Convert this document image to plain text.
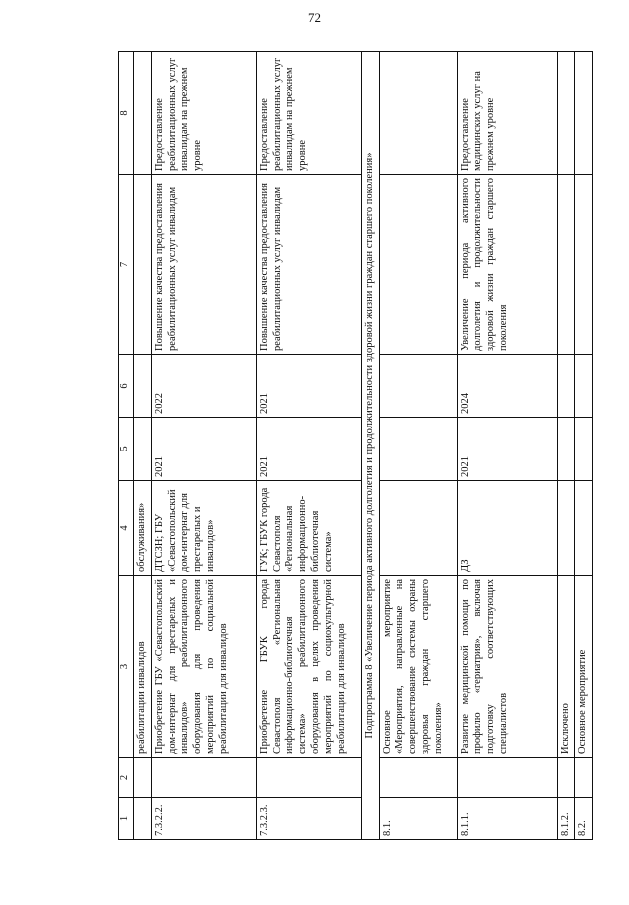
72
1	2	3	4	5	6	7	8
		реабилитации инвалидов	обслуживания»				
7.3.2.2.		Приобретение ГБУ «Севастопольский дом-интернат для престарелых и инвалидов» реабилитационного оборудования для проведения мероприятий по социальной реабилитации для инвалидов	ДТСЗН; ГБУ «Севастопольский дом-интернат для престарелых и инвалидов»	2021	2022	Повышение качества предоставления реабилитационных услуг инвалидам	Предоставление реабилитационных услуг инвалидам на прежнем уровне
7.3.2.3.		Приобретение ГБУК города Севастополя «Региональная информационно-библиотечная система» реабилитационного оборудования в целях проведения мероприятий по социокультурной реабилитации для инвалидов	ГУК; ГБУК города Севастополя «Региональная информационно-библиотечная система»	2021	2021	Повышение качества предоставления реабилитационных услуг инвалидам	Предоставление реабилитационных услуг инвалидам на прежнем уровне
Подпрограмма 8 «Увеличение периода активного долголетия и продолжительности здоровой жизни граждан старшего поколения»							
8.1.		Основное мероприятие «Мероприятия, направленные на совершенствование системы охраны здоровья граждан старшего поколения»					
8.1.1.		Развитие медицинской помощи по профилю «гериатрия», включая подготовку соответствующих специалистов	ДЗ	2021	2024	Увеличение периода активного долголетия и продолжительности здоровой жизни граждан старшего поколения	Предоставление медицинских услуг на прежнем уровне
8.1.2.		Исключено					
8.2.		Основное мероприятие					
